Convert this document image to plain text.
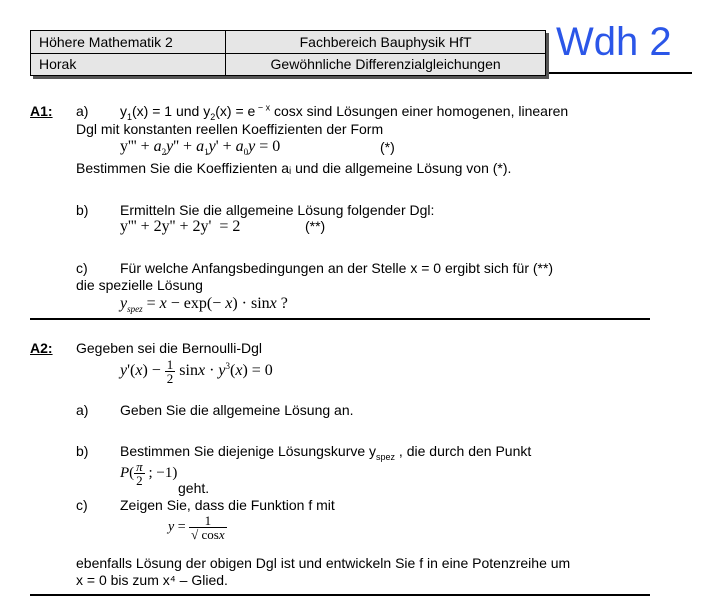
Höhere Mathematik 2	Fachbereich Bauphysik HfT
Horak	Gewöhnliche Differenzialgleichungen
Wdh 2
A1: a) $y_1(x) = 1$ und $y_2(x) = e$ $^{- x}$ cosx sind Lösungen einer homogenen, linearen
Dgl mit konstanten reellen Koeffizienten der Form
$y''' + a_2y'' + a_1y' + a_0y = 0$	(*)
Bestimmen Sie die Koeffizienten aᵢ und die allgemeine Lösung von (*).
b) Ermitteln Sie die allgemeine Lösung folgender Dgl:
y''' + 2y'' + 2y'  = 2	(**)
c) Für welche Anfangsbedingungen an der Stelle x = 0 ergibt sich für (**)
die spezielle Lösung
$y_{spez} = x - \exp(- x) \cdot \sin x$ ?
A2: Gegeben sei die Bernoulli-Dgl
$y'(x) - \frac{1}{2}$ $\sin x \cdot y^3(x) = 0$
a) Geben Sie die allgemeine Lösung an.
b) Bestimmen Sie diejenige Lösungskurve $y_{spez}$ , die durch den Punkt
$P( \frac{\pi}{2}$ ; −1)
geht.
c) Zeigen Sie, dass die Funktion f mit
$y = \frac{1}{√ \cos x}$
ebenfalls Lösung der obigen Dgl ist und entwickeln Sie f in eine Potenzreihe um
x = 0 bis zum x⁴ – Glied.
